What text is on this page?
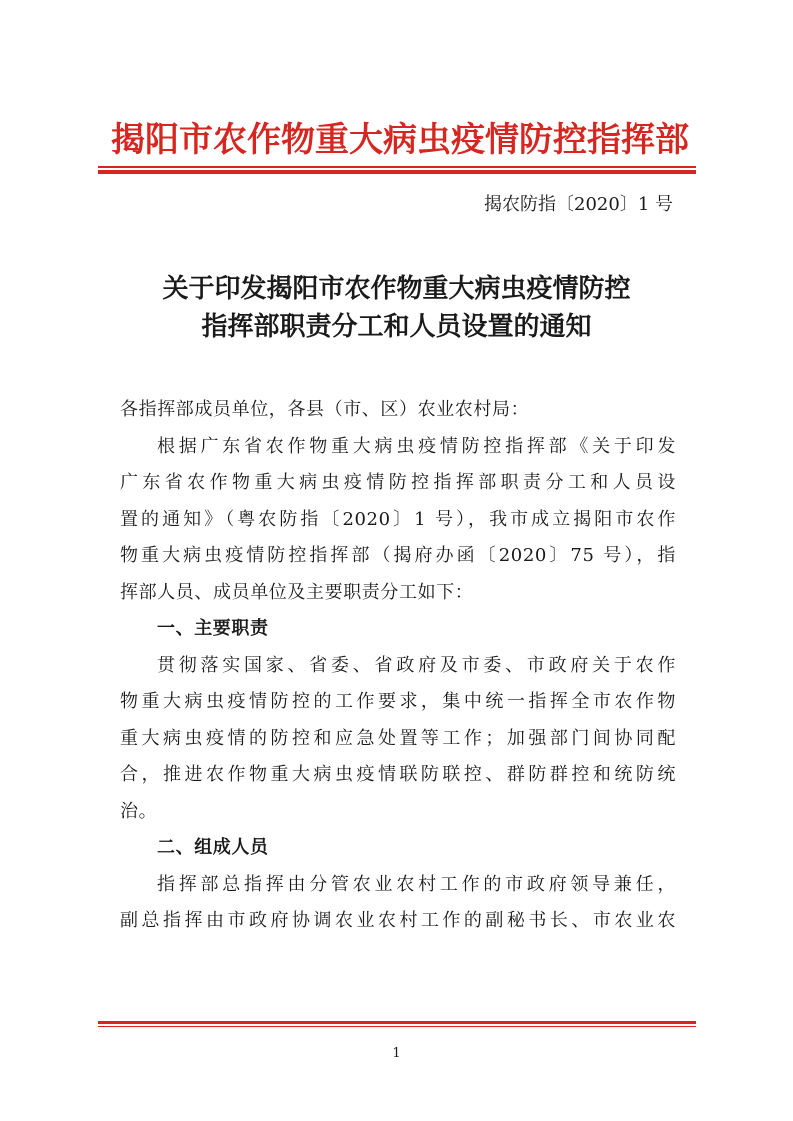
揭阳市农作物重大病虫疫情防控指挥部
揭农防指〔2020〕1 号
关于印发揭阳市农作物重大病虫疫情防控
指挥部职责分工和人员设置的通知
各指挥部成员单位，各县（市、区）农业农村局：
根据广东省农作物重大病虫疫情防控指挥部《关于印发
广东省农作物重大病虫疫情防控指挥部职责分工和人员设
置的通知》（粤农防指〔2020〕1 号），我市成立揭阳市农作
物重大病虫疫情防控指挥部（揭府办函〔2020〕75 号），指
挥部人员、成员单位及主要职责分工如下：
一、主要职责
贯彻落实国家、省委、省政府及市委、市政府关于农作
物重大病虫疫情防控的工作要求，集中统一指挥全市农作物
重大病虫疫情的防控和应急处置等工作；加强部门间协同配
合，推进农作物重大病虫疫情联防联控、群防群控和统防统
治。
二、组成人员
指挥部总指挥由分管农业农村工作的市政府领导兼任，
副总指挥由市政府协调农业农村工作的副秘书长、市农业农
1
